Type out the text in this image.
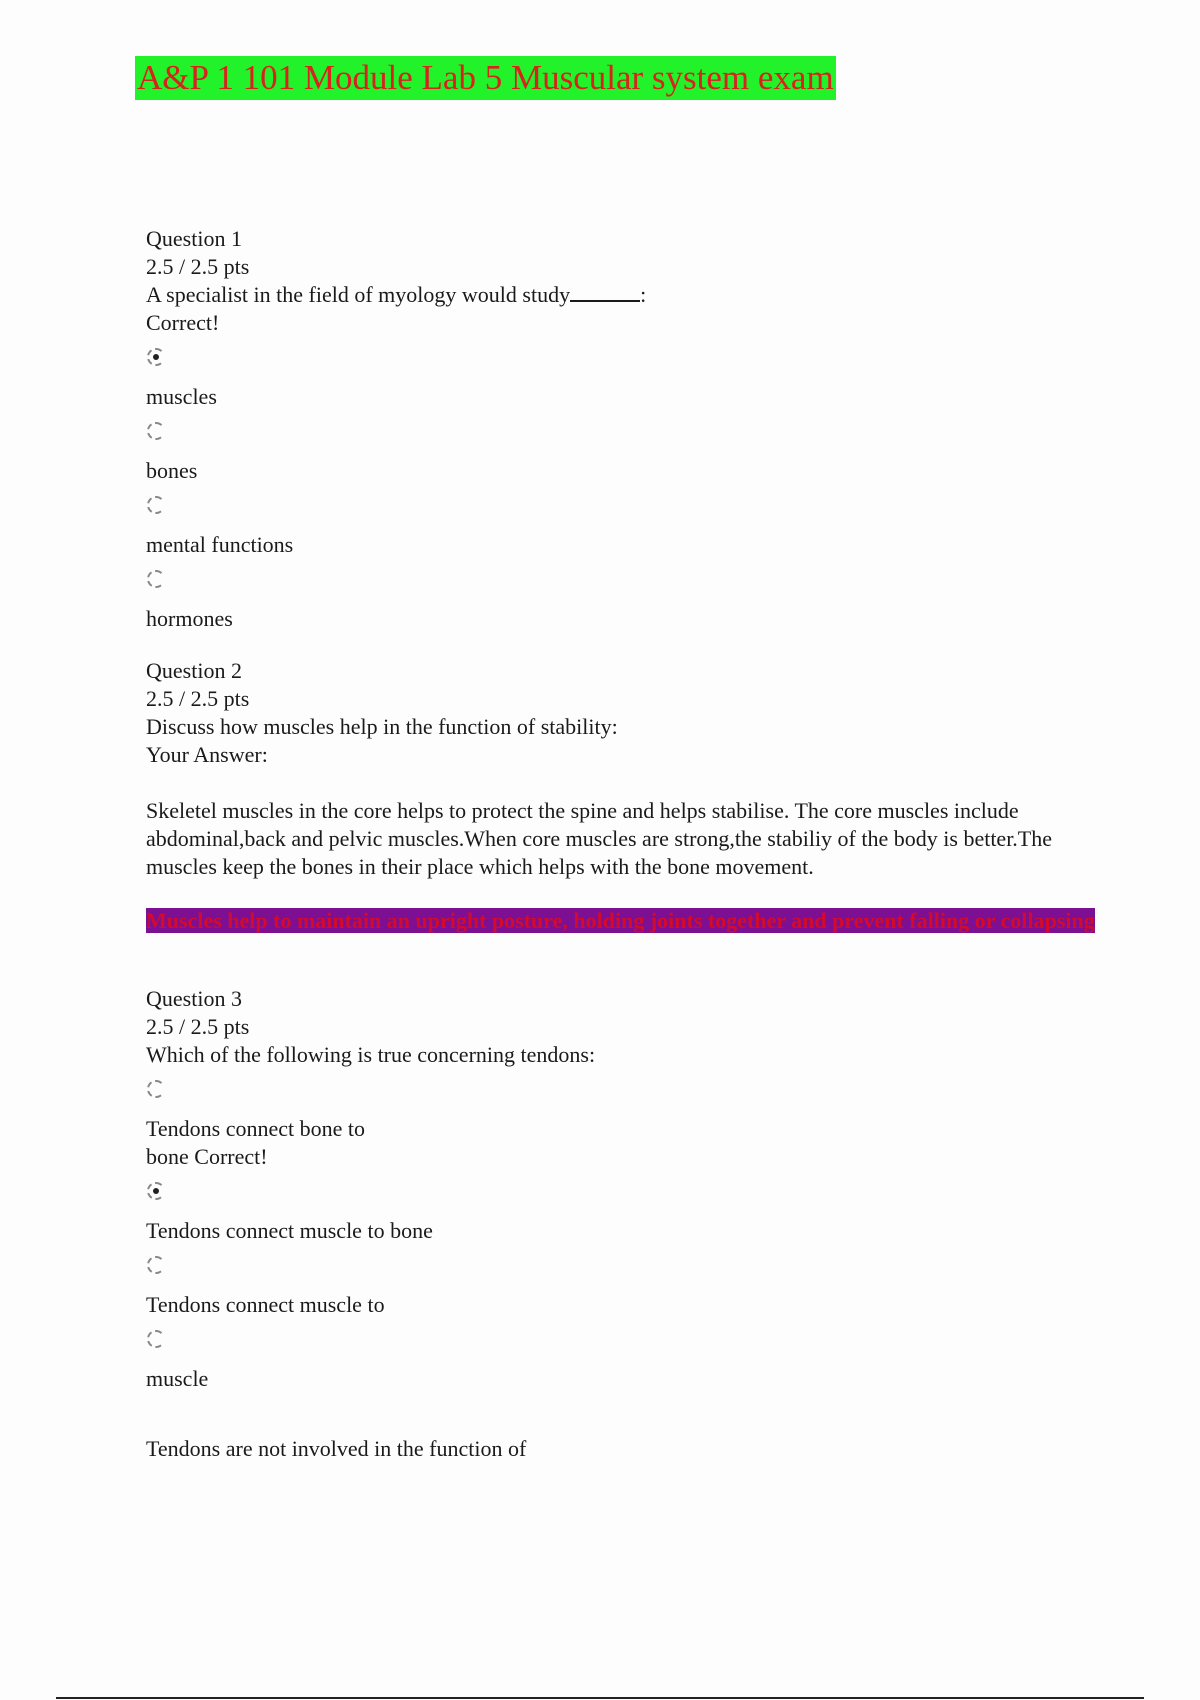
A&P 1 101 Module Lab 5 Muscular system exam
Question 1
2.5 / 2.5 pts
A specialist in the field of myology would study	:
Correct!
muscles
bones
mental functions
hormones
Question 2
2.5 / 2.5 pts
Discuss how muscles help in the function of stability:
Your Answer:
Skeletel muscles in the core helps to protect the spine and helps stabilise. The core muscles include abdominal,back and pelvic muscles.When core muscles are strong,the stabiliy of the body is better.The muscles keep the bones in their place which helps with the bone movement.
Muscles help to maintain an upright posture, holding joints together and prevent falling or collapsing
Question 3
2.5 / 2.5 pts
Which of the following is true concerning tendons:
Tendons connect bone to
bone Correct!
Tendons connect muscle to bone
Tendons connect muscle to
muscle
Tendons are not involved in the function of
